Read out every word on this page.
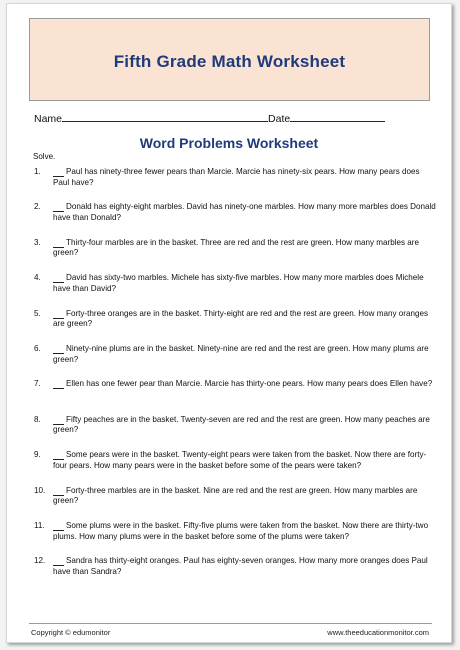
Fifth Grade Math Worksheet
Name	Date
Word Problems Worksheet
Solve.
1.	Paul has ninety-three fewer pears than Marcie. Marcie has ninety-six pears. How many pears does Paul have?
2.	Donald has eighty-eight marbles. David has ninety-one marbles. How many more marbles does Donald have than Donald?
3.	Thirty-four marbles are in the basket. Three are red and the rest are green. How many marbles are green?
4.	David has sixty-two marbles. Michele has sixty-five marbles. How many more marbles does Michele have than David?
5.	Forty-three oranges are in the basket. Thirty-eight are red and the rest are green. How many oranges are green?
6.	Ninety-nine plums are in the basket. Ninety-nine are red and the rest are green. How many plums are green?
7.	Ellen has one fewer pear than Marcie. Marcie has thirty-one pears. How many pears does Ellen have?
8.	Fifty peaches are in the basket. Twenty-seven are red and the rest are green. How many peaches are green?
9.	Some pears were in the basket. Twenty-eight pears were taken from the basket. Now there are forty-four pears. How many pears were in the basket before some of the pears were taken?
10.	Forty-three marbles are in the basket. Nine are red and the rest are green. How many marbles are green?
11.	Some plums were in the basket. Fifty-five plums were taken from the basket. Now there are thirty-two plums. How many plums were in the basket before some of the plums were taken?
12.	Sandra has thirty-eight oranges. Paul has eighty-seven oranges. How many more oranges does Paul have than Sandra?
Copyright © edumonitor	www.theeducationmonitor.com
